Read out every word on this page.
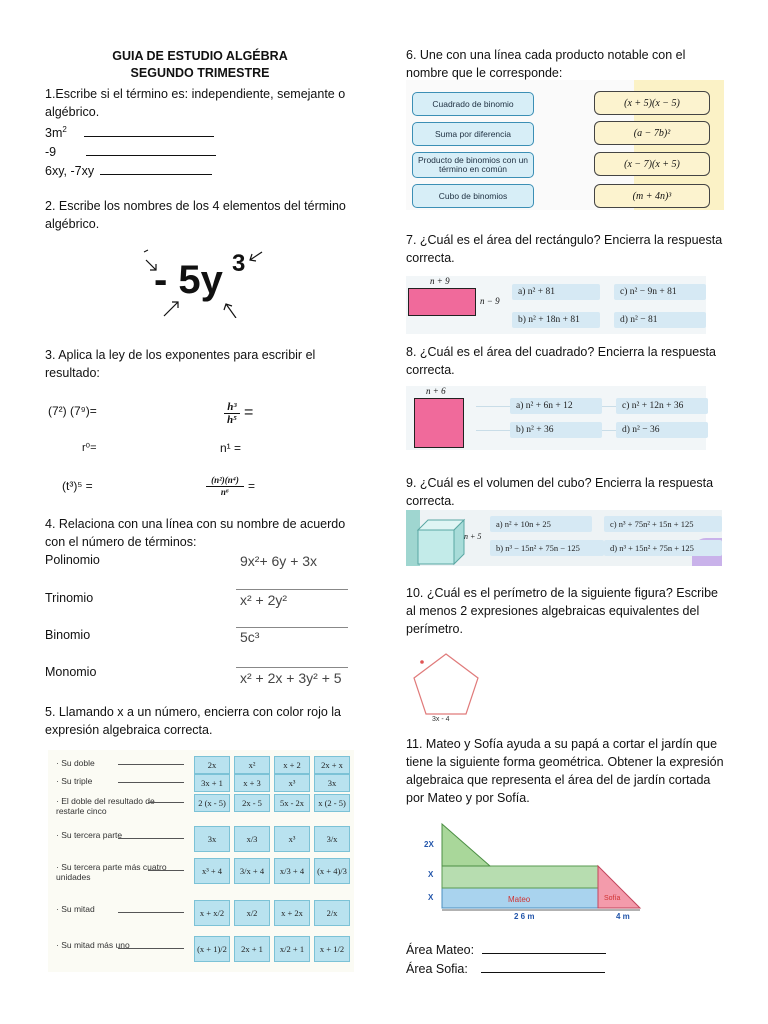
GUIA DE ESTUDIO ALGÉBRA
SEGUNDO TRIMESTRE

1.Escribe si el término es: independiente, semejante o algébrico.

$3m^2$
-9
6xy, -7xy

2. Escribe los nombres de los 4 elementos del término algébrico.

- 5y 3

3. Aplica la ley de los exponentes para escribir el resultado:

(7²) (7⁹)=	h³
h⁵ =
r⁰=	n¹ =
(t³)⁵ =	(n²)(n⁴)
n⁶	=

4. Relaciona con una línea con su nombre de acuerdo con el número de términos:

Polinomio
Trinomio
Binomio
Monomio
9x²+ 6y + 3x
x² + 2y²
5c³
x² + 2x + 3y² + 5

5. Llamando x a un número, encierra con color rojo la expresión algebraica correcta.

· Su doble	2x	x²	x + 2	2x + x
· Su triple	3x + 1	x + 3	x³	3x
· El doble del resultado de restarle cinco
2 (x - 5)	2x - 5	5x - 2x	x (2 - 5)
· Su tercera parte	3x	x/3	x³	3/x
· Su tercera parte más cuatro unidades
x³ + 4	3/x + 4	x/3 + 4	(x + 4)/3
· Su mitad	x + x/2	x/2	x + 2x	2/x
· Su mitad más uno	(x + 1)/2	2x + 1	x/2 + 1	x + 1/2

6. Une con una línea cada producto notable con el nombre que le corresponde:

Cuadrado de binomio
Suma por diferencia
Producto de binomios con un término en común
Cubo de binomios
(x + 5)(x − 5)
(a − 7b)²
(x − 7)(x + 5)
(m + 4n)³

7. ¿Cuál es el área del rectángulo? Encierra la respuesta correcta.

n + 9
n − 9
a) n² + 81	c) n² − 9n + 81
b) n² + 18n + 81	d) n² − 81

8. ¿Cuál es el área del cuadrado? Encierra la respuesta correcta.

n + 6
a) n² + 6n + 12	c) n² + 12n + 36
b) n² + 36	d) n² − 36

9. ¿Cuál es el volumen del cubo? Encierra la respuesta correcta.

n + 5
a) n² + 10n + 25	c) n³ + 75n² + 15n + 125
b) n³ − 15n² + 75n − 125	d) n³ + 15n² + 75n + 125

10. ¿Cuál es el perímetro de la siguiente figura? Escribe al menos 2 expresiones algebraicas equivalentes del perímetro.

3x - 4

11. Mateo y Sofía ayuda a su papá a cortar el jardín que tiene la siguiente forma geométrica. Obtener la expresión algebraica que representa el área del de jardín cortada por Mateo y por Sofía.

2X
X
X	Mateo	Sofía
2 6 m	4 m
Área Mateo:
Área Sofia:
